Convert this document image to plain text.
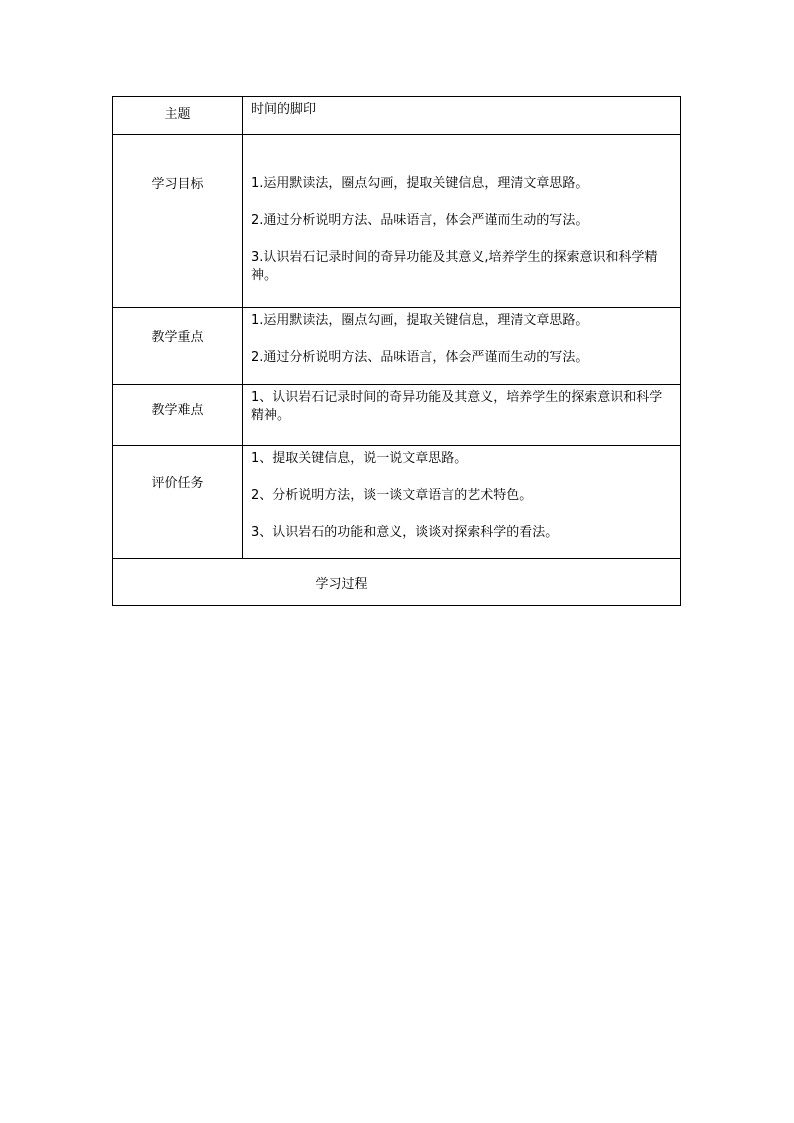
主题	时间的脚印
学习目标	1.运用默读法，圈点勾画，提取关键信息，理清文章思路。

2.通过分析说明方法、品味语言，体会严谨而生动的写法。

3.认识岩石记录时间的奇异功能及其意义,培养学生的探索意识和科学精神。

教学重点	1.运用默读法，圈点勾画，提取关键信息，理清文章思路。

2.通过分析说明方法、品味语言，体会严谨而生动的写法。

教学难点	1、认识岩石记录时间的奇异功能及其意义，培养学生的探索意识和科学精神。

评价任务	1、提取关键信息，说一说文章思路。

2、分析说明方法，谈一谈文章语言的艺术特色。

3、认识岩石的功能和意义，谈谈对探索科学的看法。

学习过程	
